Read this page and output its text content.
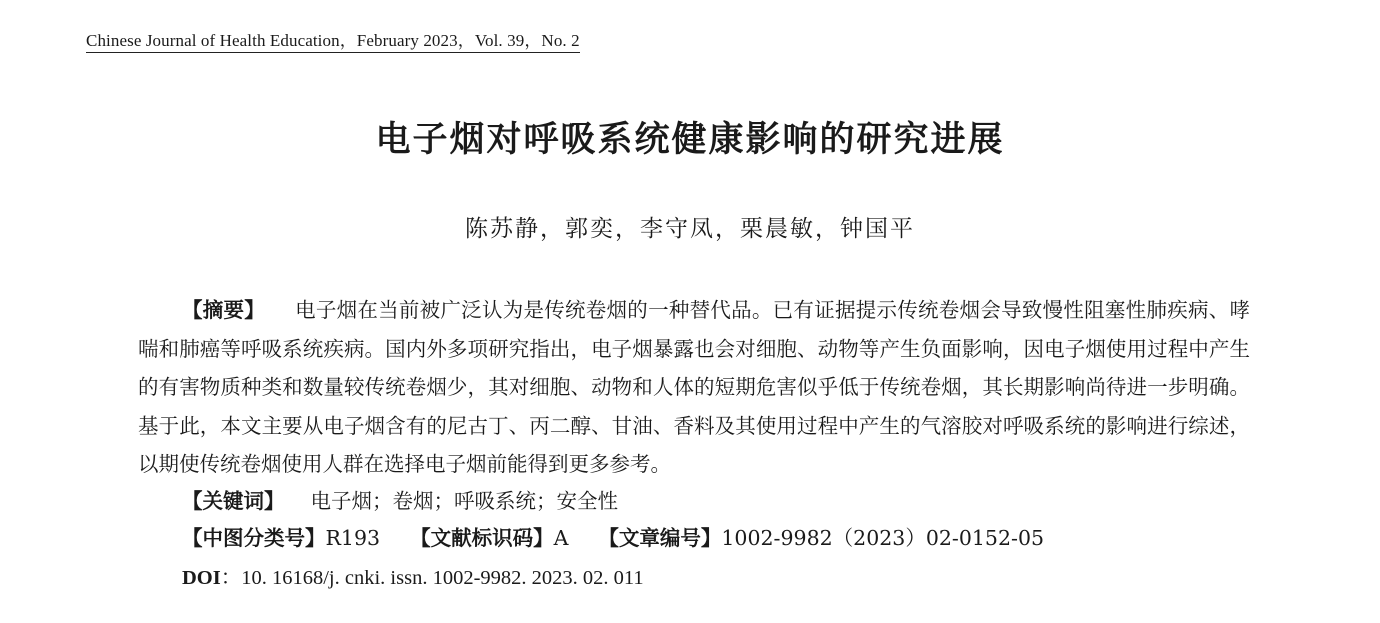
Chinese Journal of Health Education，February 2023，Vol. 39，No. 2
电子烟对呼吸系统健康影响的研究进展
陈苏静，郭奕，李守凤，栗晨敏，钟国平

【摘要】 电子烟在当前被广泛认为是传统卷烟的一种替代品。已有证据提示传统卷烟会导致慢性阻塞性肺疾病、哮喘和肺癌等呼吸系统疾病。国内外多项研究指出，电子烟暴露也会对细胞、动物等产生负面影响，因电子烟使用过程中产生的有害物质种类和数量较传统卷烟少，其对细胞、动物和人体的短期危害似乎低于传统卷烟，其长期影响尚待进一步明确。基于此，本文主要从电子烟含有的尼古丁、丙二醇、甘油、香料及其使用过程中产生的气溶胶对呼吸系统的影响进行综述，以期使传统卷烟使用人群在选择电子烟前能得到更多参考。

【关键词】 电子烟；卷烟；呼吸系统；安全性
【中图分类号】R193 【文献标识码】A 【文章编号】1002-9982（2023）02-0152-05
DOI：10. 16168/j. cnki. issn. 1002-9982. 2023. 02. 011
